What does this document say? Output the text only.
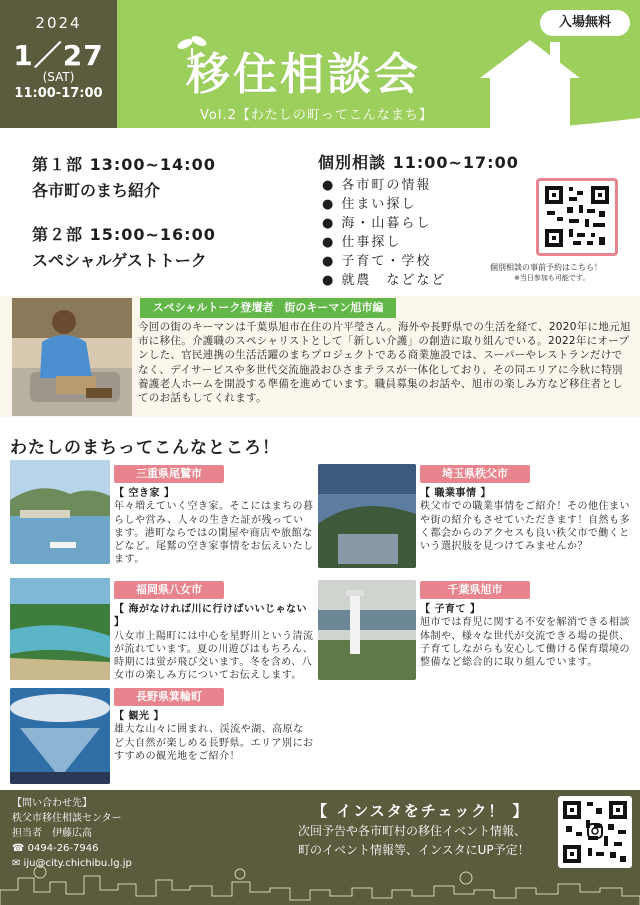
2024
1／27
(SAT)
11:00-17:00
入場無料
移住相談会
Vol.2【わたしの町ってこんなまち】
第１部 13:00~14:00
各市町のまち紹介
第２部 15:00~16:00
スペシャルゲストトーク
個別相談 11:00~17:00
● 各市町の情報
● 住まい探し
● 海・山暮らし
● 仕事探し
● 子育て・学校
● 就農　などなど
個別相談の事前予約はこちら！
※当日参加も可能です。
スペシャルトーク登壇者　街のキーマン旭市編

今回の街のキーマンは千葉県旭市在住の片平瑩さん。海外や長野県での生活を経て、2020年に地元旭市に移住。介護職のスペシャリストとして「新しい介護」の創造に取り組んでいる。2022年にオープンした、官民連携の生活活躍のまちプロジェクトである商業施設では、スーパーやレストランだけでなく、デイサービスや多世代交流施設おひさまテラスが一体化しており、その同エリアに今秋に特別養護老人ホームを開設する準備を進めています。職員募集のお話や、旭市の楽しみ方など移住者としてのお話もしてくれます。

わたしのまちってこんなところ！
三重県尾鷲市

【 空き家 】
年々増えていく空き家。そこにはまちの暮らしや営み、人々の生きた証が残っています。港町ならではの閑屋や商店や旅館などなど。尾鷲の空き家事情をお伝えいたします。

埼玉県秩父市

【 職業事情 】
秩父市での職業事情をご紹介！その他住まいや街の紹介もさせていただきます！自然も多く都会からのアクセスも良い秩父市で働くという選択肢を見つけてみませんか？

福岡県八女市

【 海がなければ川に行けばいいじゃない 】
八女市上陽町には中心を星野川という清流が流れています。夏の川遊びはもちろん、時期には蛍が飛び交います。冬を含め、八女市の楽しみ方についてお伝えします。

千葉県旭市

【 子育て 】
旭市では育児に関する不安を解消できる相談体制や、様々な世代が交流できる場の提供、子育てしながらも安心して働ける保育環境の整備など総合的に取り組んでいます。

長野県箕輪町

【 観光 】
雄大な山々に囲まれ、渓流や湖、高原など大自然が楽しめる長野県。エリア別におすすめの観光地をご紹介！

【問い合わせ先】
秩父市移住相談センター
担当者　伊藤広高
☎ 0494-26-7946
✉ iju@city.chichibu.lg.jp
【 インスタをチェック！ 】
次回予告や各市町村の移住イベント情報、
町のイベント情報等、インスタにUP予定！
